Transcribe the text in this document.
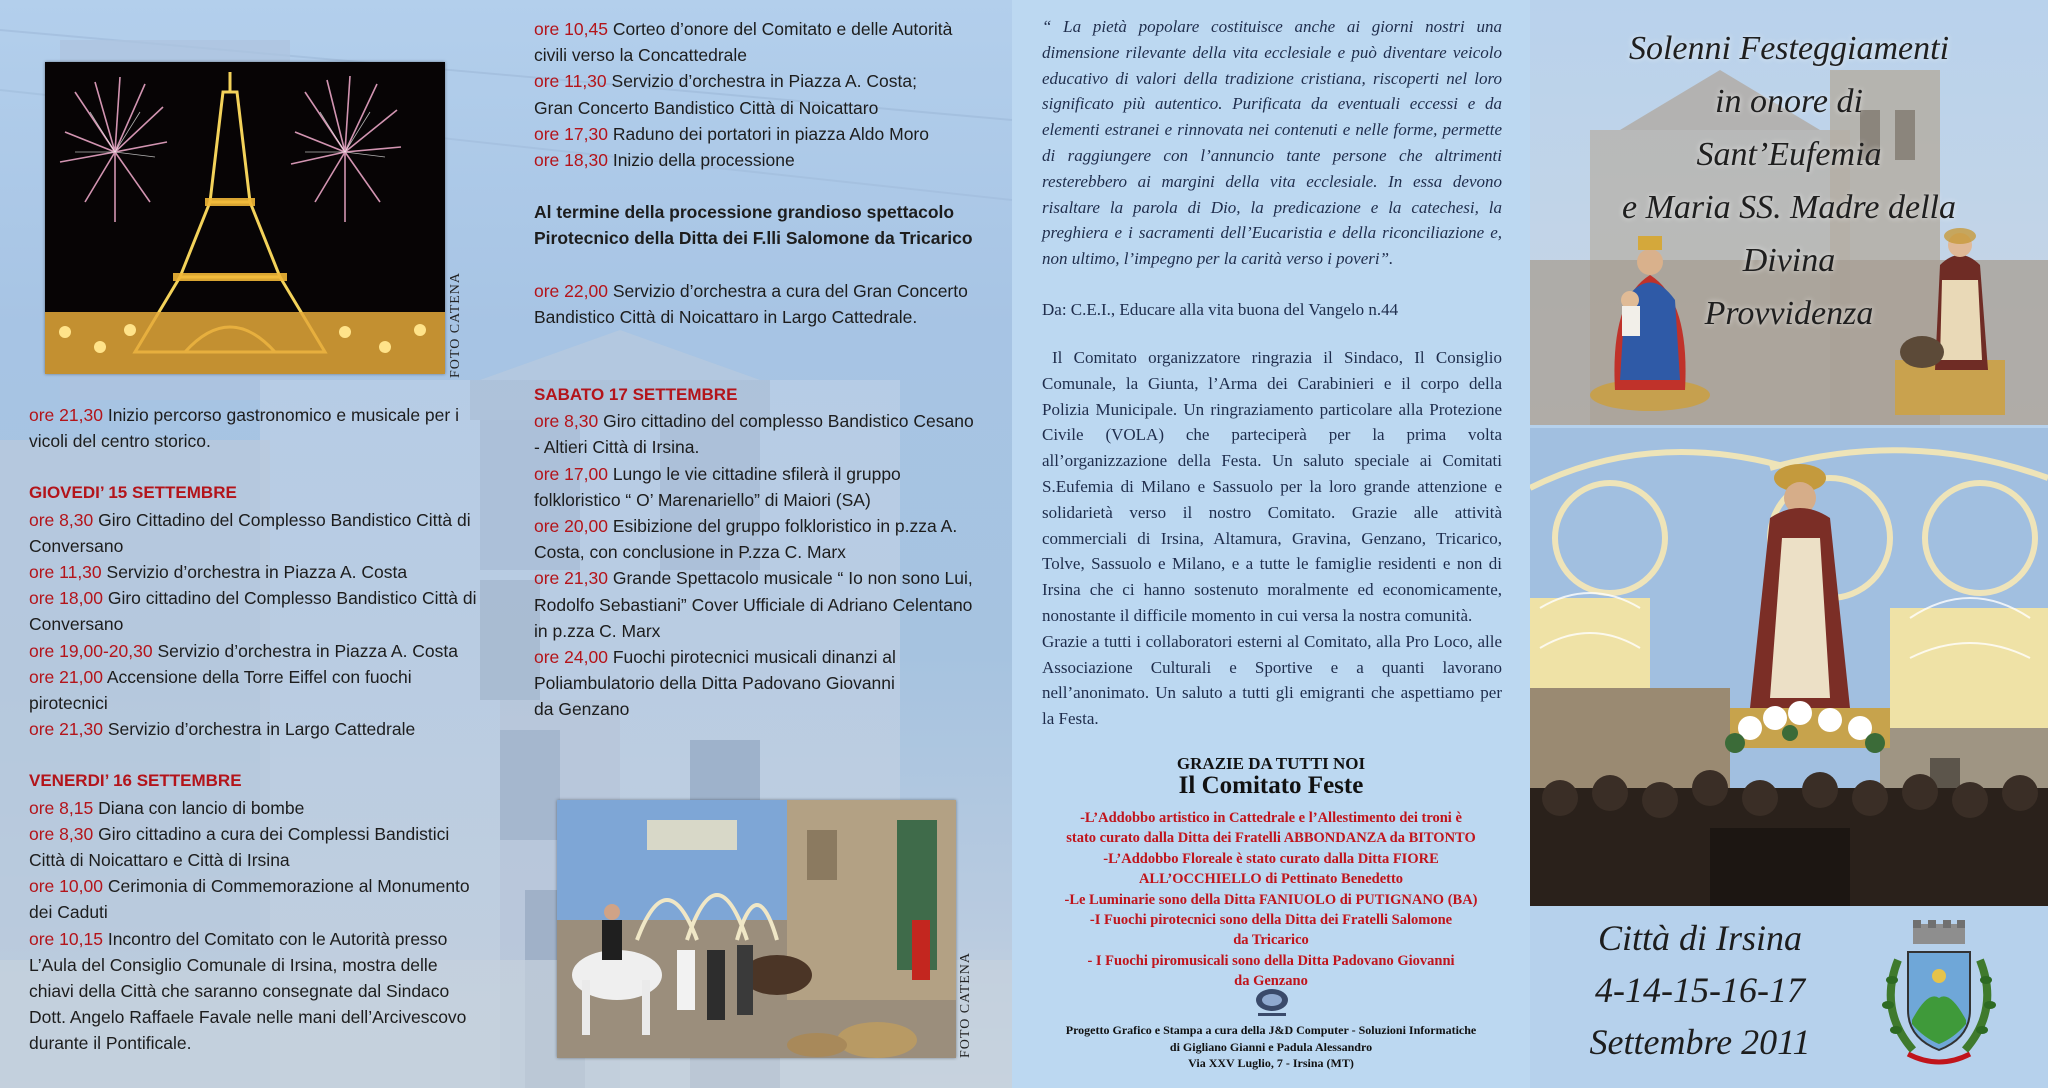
FOTO CATENA
ore 21,30 Inizio percorso gastronomico e musicale per i
vicoli del centro storico.
GIOVEDI’ 15 SETTEMBRE
ore 8,30 Giro Cittadino del Complesso Bandistico Città di
Conversano
ore 11,30 Servizio d’orchestra in Piazza A. Costa
ore 18,00 Giro cittadino del Complesso Bandistico Città di
Conversano
ore 19,00-20,30 Servizio d’orchestra in Piazza A. Costa
ore 21,00 Accensione della Torre Eiffel con fuochi
pirotecnici
ore 21,30 Servizio d’orchestra in Largo Cattedrale
VENERDI’ 16 SETTEMBRE
ore 8,15 Diana con lancio di bombe
ore 8,30 Giro cittadino a cura dei Complessi Bandistici
Città di Noicattaro e Città di Irsina
ore 10,00 Cerimonia di Commemorazione al Monumento
dei Caduti
ore 10,15 Incontro del Comitato con le Autorità presso
L’Aula del Consiglio Comunale di Irsina, mostra delle
chiavi della Città che saranno consegnate dal Sindaco
Dott. Angelo Raffaele Favale nelle mani dell’Arcivescovo
durante il Pontificale.
ore 10,45 Corteo d’onore del Comitato e delle Autorità
civili verso la Concattedrale
ore 11,30 Servizio d’orchestra in Piazza A. Costa;
Gran Concerto Bandistico Città di Noicattaro
ore 17,30 Raduno dei portatori in piazza Aldo Moro
ore 18,30 Inizio della processione
Al termine della processione grandioso spettacolo
Pirotecnico della Ditta dei F.lli Salomone da Tricarico
ore 22,00 Servizio d’orchestra a cura del Gran Concerto
Bandistico Città di Noicattaro in Largo Cattedrale.
SABATO 17 SETTEMBRE
ore 8,30 Giro cittadino del complesso Bandistico Cesano
- Altieri Città di Irsina.
ore 17,00 Lungo le vie cittadine sfilerà il gruppo
folkloristico “ O’ Marenariello” di Maiori (SA)
ore 20,00 Esibizione del gruppo folkloristico in p.zza A.
Costa, con conclusione in P.zza C. Marx
ore 21,30 Grande Spettacolo musicale “ Io non sono Lui,
Rodolfo Sebastiani” Cover Ufficiale di Adriano Celentano
in p.zza C. Marx
ore 24,00 Fuochi pirotecnici musicali dinanzi al
Poliambulatorio della Ditta Padovano Giovanni
da Genzano
FOTO CATENA

“ La pietà popolare costituisce anche ai giorni nostri una dimensione rilevante della vita ecclesiale e può diventare veicolo educativo di valori della tradizione cristiana, riscoperti nel loro significato più autentico. Purificata da eventuali eccessi e da elementi estranei e rinnovata nei contenuti e nelle forme, permette di raggiungere con l’annuncio tante persone che altrimenti resterebbero ai margini della vita ecclesiale. In essa devono risaltare la parola di Dio, la predicazione e la catechesi, la preghiera e i sacramenti dell’Eucaristia e della riconciliazione e, non ultimo, l’impegno per la carità verso i poveri”.

Da: C.E.I., Educare alla vita buona del Vangelo n.44

Il Comitato organizzatore ringrazia il Sindaco, Il Consiglio Comunale, la Giunta, l’Arma dei Carabinieri e il corpo della Polizia Municipale. Un ringraziamento particolare alla Protezione Civile (VOLA) che parteciperà per la prima volta all’organizzazione della Festa. Un saluto speciale ai Comitati S.Eufemia di Milano e Sassuolo per la loro grande attenzione e solidarietà verso il nostro Comitato. Grazie alle attività commerciali di Irsina, Altamura, Gravina, Genzano, Tricarico, Tolve, Sassuolo e Milano, e a tutte le famiglie residenti e non di Irsina che ci hanno sostenuto moralmente ed economicamente, nonostante il difficile momento in cui versa la nostra comunità.

Grazie a tutti i collaboratori esterni al Comitato, alla Pro Loco, alle Associazione Culturali e Sportive e a quanti lavorano nell’anonimato. Un saluto a tutti gli emigranti che aspettiamo per la Festa.

GRAZIE DA TUTTI NOI
Il Comitato Feste
-L’Addobbo artistico in Cattedrale e l’Allestimento dei troni è
stato curato dalla Ditta dei Fratelli ABBONDANZA da BITONTO
-L’Addobbo Floreale è stato curato dalla Ditta FIORE
ALL’OCCHIELLO di Pettinato Benedetto
-Le Luminarie sono della Ditta FANIUOLO di PUTIGNANO (BA)
-I Fuochi pirotecnici sono della Ditta dei Fratelli Salomone
da Tricarico
- I Fuochi piromusicali sono della Ditta Padovano Giovanni
da Genzano
Progetto Grafico e Stampa a cura della J&D Computer - Soluzioni Informatiche
di Gigliano Gianni e Padula Alessandro
Via XXV Luglio, 7 - Irsina (MT)
Solenni Festeggiamenti
in onore di
Sant’Eufemia
e Maria SS. Madre della
Divina
Provvidenza
Città di Irsina
4-14-15-16-17
Settembre 2011
